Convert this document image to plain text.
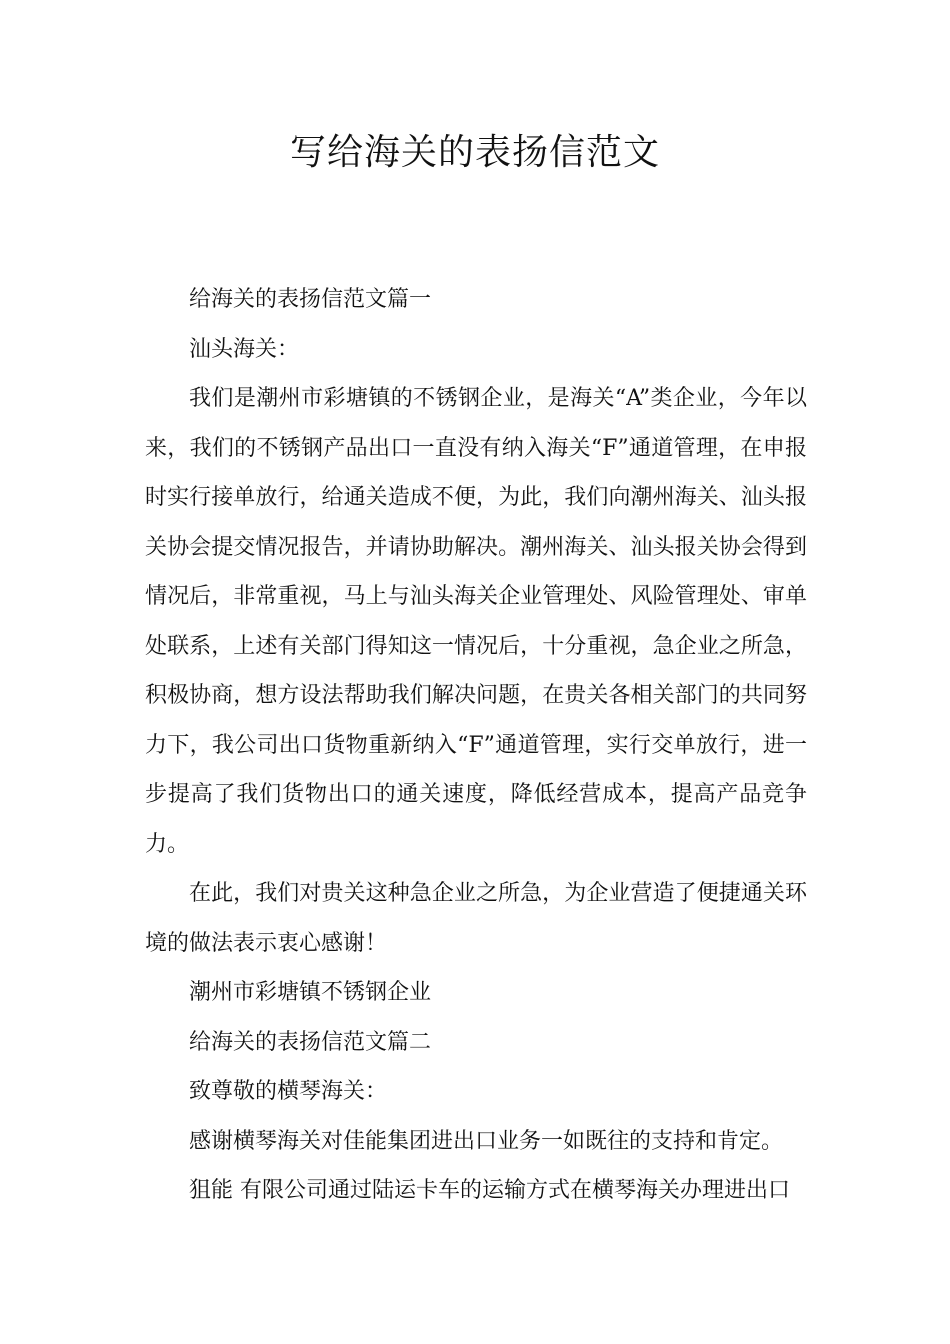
写给海关的表扬信范文

给海关的表扬信范文篇一

汕头海关：

我们是潮州市彩塘镇的不锈钢企业，是海关“A”类企业，今年以来，我们的不锈钢产品出口一直没有纳入海关“F”通道管理，在申报时实行接单放行，给通关造成不便，为此，我们向潮州海关、汕头报关协会提交情况报告，并请协助解决。潮州海关、汕头报关协会得到情况后，非常重视，马上与汕头海关企业管理处、风险管理处、审单处联系，上述有关部门得知这一情况后，十分重视，急企业之所急，积极协商，想方设法帮助我们解决问题，在贵关各相关部门的共同努力下，我公司出口货物重新纳入“F”通道管理，实行交单放行，进一步提高了我们货物出口的通关速度，降低经营成本，提高产品竞争力。

在此，我们对贵关这种急企业之所急，为企业营造了便捷通关环境的做法表示衷心感谢！

潮州市彩塘镇不锈钢企业

给海关的表扬信范文篇二

致尊敬的横琴海关：

感谢横琴海关对佳能集团进出口业务一如既往的支持和肯定。

狙能 有限公司通过陆运卡车的运输方式在横琴海关办理进出口
